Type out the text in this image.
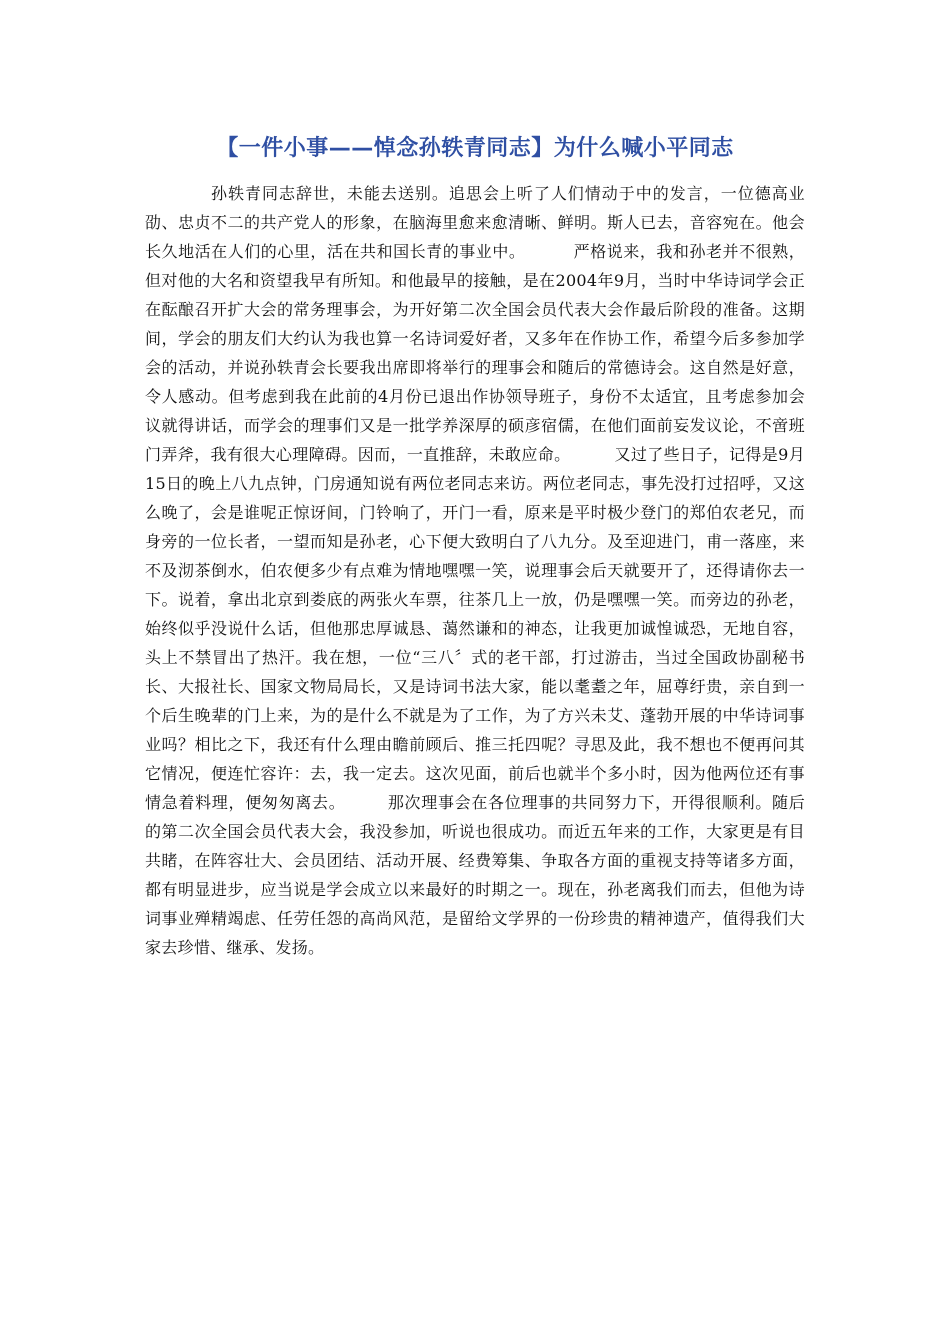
【一件小事——悼念孙轶青同志】为什么喊小平同志

孙轶青同志辞世，未能去送别。追思会上听了人们情动于中的发言，一位德高业劭、忠贞不二的共产党人的形象，在脑海里愈来愈清晰、鲜明。斯人已去，音容宛在。他会长久地活在人们的心里，活在共和国长青的事业中。	严格说来，我和孙老并不很熟，但对他的大名和资望我早有所知。和他最早的接触，是在2004年9月，当时中华诗词学会正在酝酿召开扩大会的常务理事会，为开好第二次全国会员代表大会作最后阶段的准备。这期间，学会的朋友们大约认为我也算一名诗词爱好者，又多年在作协工作，希望今后多参加学会的活动，并说孙轶青会长要我出席即将举行的理事会和随后的常德诗会。这自然是好意，令人感动。但考虑到我在此前的4月份已退出作协领导班子，身份不太适宜，且考虑参加会议就得讲话，而学会的理事们又是一批学养深厚的硕彦宿儒，在他们面前妄发议论，不啻班门弄斧，我有很大心理障碍。因而，一直推辞，未敢应命。	又过了些日子，记得是9月15日的晚上八九点钟，门房通知说有两位老同志来访。两位老同志，事先没打过招呼，又这么晚了，会是谁呢正惊讶间，门铃响了，开门一看，原来是平时极少登门的郑伯农老兄，而身旁的一位长者，一望而知是孙老，心下便大致明白了八九分。及至迎进门，甫一落座，来不及沏茶倒水，伯农便多少有点难为情地嘿嘿一笑，说理事会后天就要开了，还得请你去一下。说着，拿出北京到娄底的两张火车票，往茶几上一放，仍是嘿嘿一笑。而旁边的孙老，始终似乎没说什么话，但他那忠厚诚恳、蔼然谦和的神态，让我更加诚惶诚恐，无地自容，头上不禁冒出了热汗。我在想，一位“三八〞式的老干部，打过游击，当过全国政协副秘书长、大报社长、国家文物局局长，又是诗词书法大家，能以耄耋之年，屈尊纡贵，亲自到一个后生晚辈的门上来，为的是什么不就是为了工作，为了方兴未艾、蓬勃开展的中华诗词事业吗？相比之下，我还有什么理由瞻前顾后、推三托四呢？寻思及此，我不想也不便再问其它情况，便连忙容许：去，我一定去。这次见面，前后也就半个多小时，因为他两位还有事情急着料理，便匆匆离去。	那次理事会在各位理事的共同努力下，开得很顺利。随后的第二次全国会员代表大会，我没参加，听说也很成功。而近五年来的工作，大家更是有目共睹，在阵容壮大、会员团结、活动开展、经费筹集、争取各方面的重视支持等诸多方面，都有明显进步，应当说是学会成立以来最好的时期之一。现在，孙老离我们而去，但他为诗词事业殚精竭虑、任劳任怨的高尚风范，是留给文学界的一份珍贵的精神遗产，值得我们大家去珍惜、继承、发扬。
